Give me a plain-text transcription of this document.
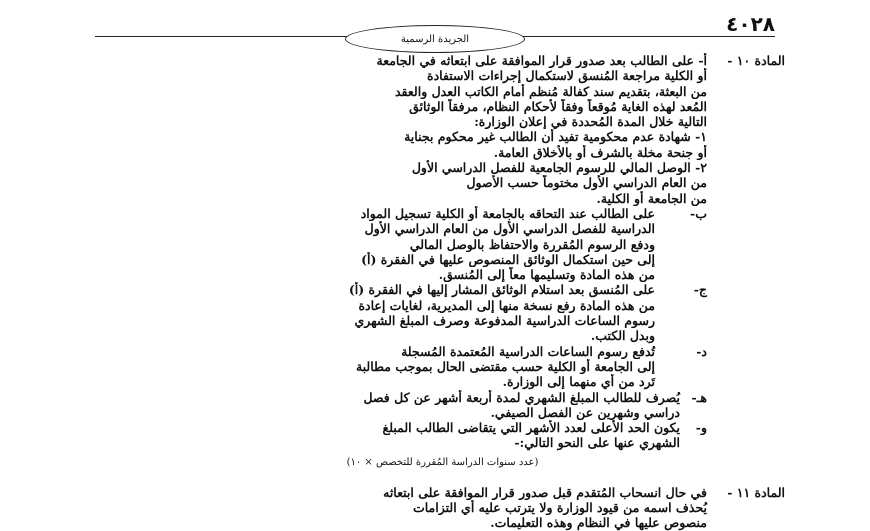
الجريدة الرسمية
٤٠٢٨
المادة ١٠ -
أ- على الطالب بعد صدور قرار الموافقة على ابتعاثه في الجامعة
أو الكلية مراجعة المُنسق لاستكمال إجراءات الاستفادة
من البعثة، بتقديم سند كفالة مُنظم أمام الكاتب العدل والعقد
المُعد لهذه الغاية مُوقعاً وفقاً لأحكام النظام، مرفقاً الوثائق
التالية خلال المدة المُحددة في إعلان الوزارة:
١- شهادة عدم محكومية تفيد أن الطالب غير محكوم بجناية
أو جنحة مخلة بالشرف أو بالأخلاق العامة.
٢- الوصل المالي للرسوم الجامعية للفصل الدراسي الأول
من العام الدراسي الأول مختوماً حسب الأصول
من الجامعة أو الكلية.
ب-
على الطالب عند التحاقه بالجامعة أو الكلية تسجيل المواد
الدراسية للفصل الدراسي الأول من العام الدراسي الأول
ودفع الرسوم المُقررة والاحتفاظ بالوصل المالي
إلى حين استكمال الوثائق المنصوص عليها في الفقرة (أ)
من هذه المادة وتسليمها معاً إلى المُنسق.
ج-
على المُنسق بعد استلام الوثائق المشار إليها في الفقرة (أ)
من هذه المادة رفع نسخة منها إلى المديرية، لغايات إعادة
رسوم الساعات الدراسية المدفوعة وصرف المبلغ الشهري
وبدل الكتب.
د-
تُدفع رسوم الساعات الدراسية المُعتمدة المُسجلة
إلى الجامعة أو الكلية حسب مقتضى الحال بموجب مطالبة
تَرد من أي منهما إلى الوزارة.
هـ-
يُصرف للطالب المبلغ الشهري لمدة أربعة أشهر عن كل فصل
دراسي وشهرين عن الفصل الصيفي.
و-
يكون الحد الأعلى لعدد الأشهر التي يتقاضى الطالب المبلغ
الشهري عنها على النحو التالي:-
(عدد سنوات الدراسة المُقررة للتخصص × ١٠)
المادة ١١ -
في حال انسحاب المُتقدم قبل صدور قرار الموافقة على ابتعاثه
يُحذف اسمه من قيود الوزارة ولا يترتب عليه أي التزامات
منصوص عليها في النظام وهذه التعليمات.
